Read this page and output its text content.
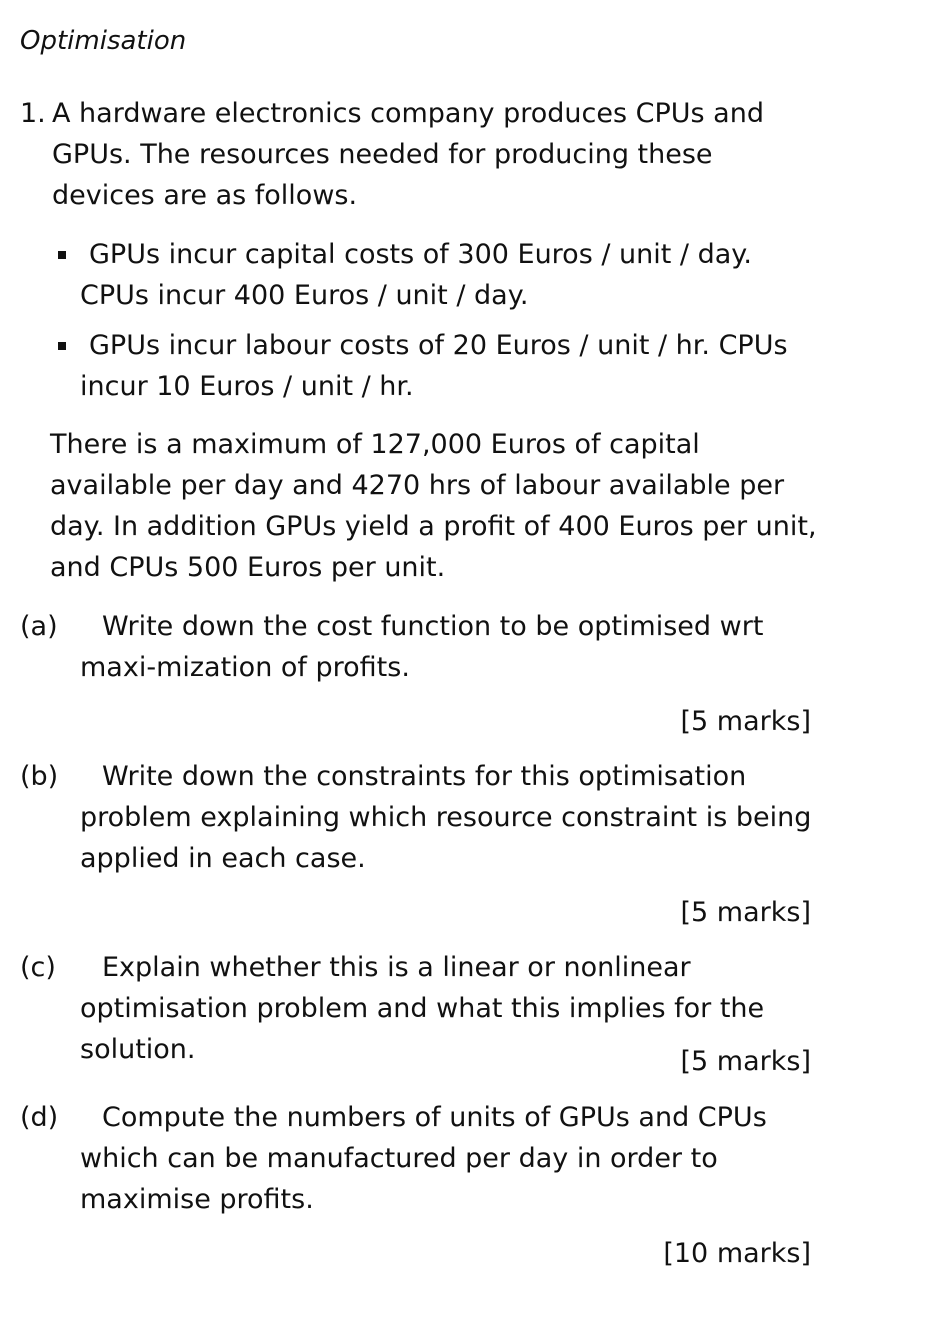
Optimisation
1. A hardware electronics company produces CPUs and GPUs. The resources needed for producing these devices are as follows.
GPUs incur capital costs of 300 Euros / unit / day. CPUs incur 400 Euros / unit / day.
GPUs incur labour costs of 20 Euros / unit / hr. CPUs incur 10 Euros / unit / hr.
There is a maximum of 127,000 Euros of capital available per day and 4270 hrs of labour available per day. In addition GPUs yield a profit of 400 Euros per unit, and CPUs 500 Euros per unit.
(a) Write down the cost function to be optimised wrt maxi-mization of profits.
[5 marks]
(b) Write down the constraints for this optimisation problem explaining which resource constraint is being applied in each case.
[5 marks]
(c) Explain whether this is a linear or nonlinear optimisation problem and what this implies for the solution.	[5 marks]
(d) Compute the numbers of units of GPUs and CPUs which can be manufactured per day in order to maximise profits.
[10 marks]
